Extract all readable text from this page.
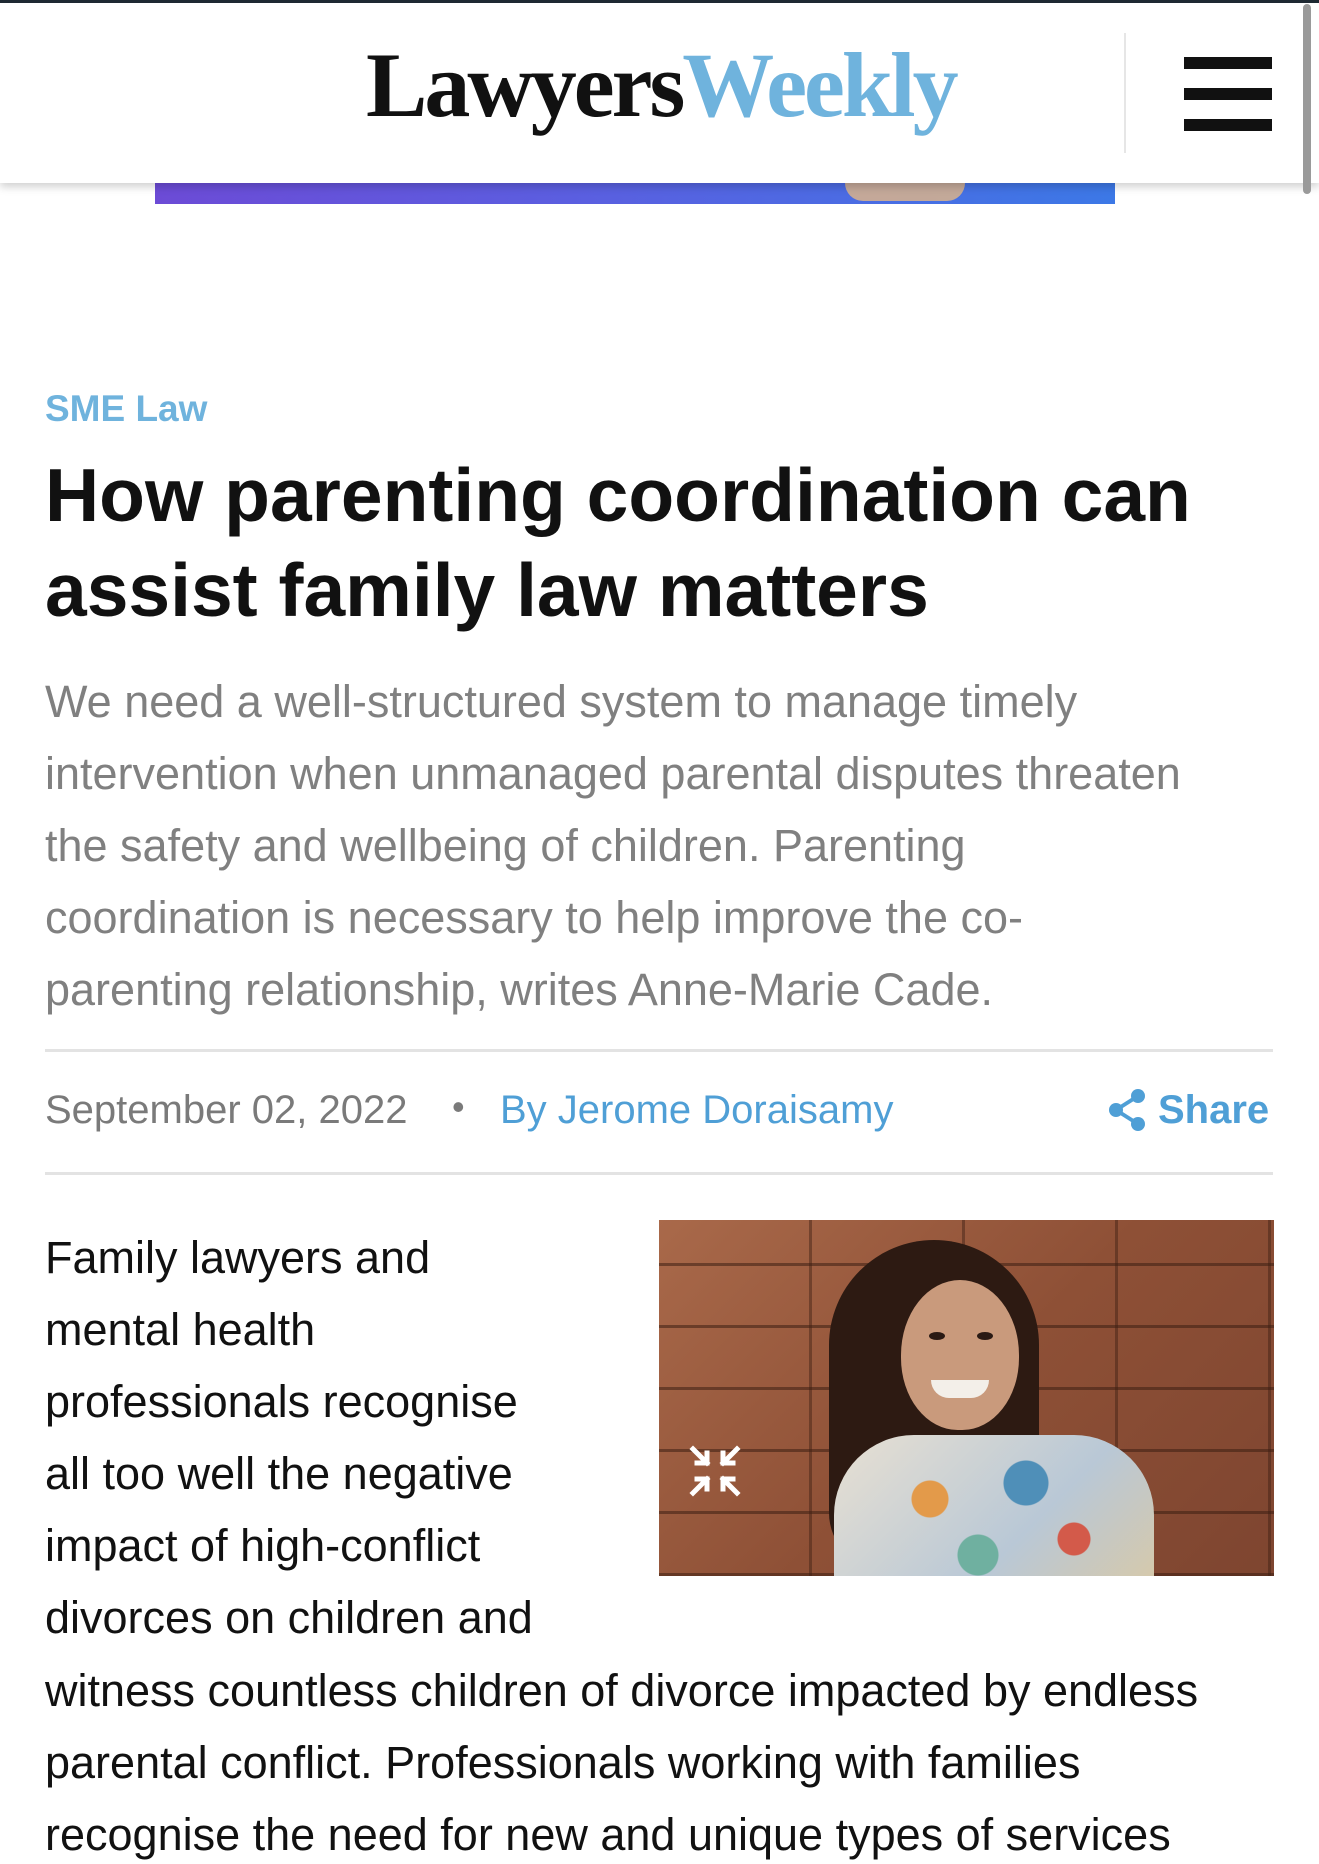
LawyersWeekly
SME Law
How parenting coordination can
assist family law matters
We need a well-structured system to manage timely
intervention when unmanaged parental disputes threaten
the safety and wellbeing of children. Parenting
coordination is necessary to help improve the co-
parenting relationship, writes Anne-Marie Cade.
September 02, 2022 • By Jerome Doraisamy	Share
Family lawyers and
mental health
professionals recognise
all too well the negative
impact of high-conflict
divorces on children and
witness countless children of divorce impacted by endless
parental conflict. Professionals working with families
recognise the need for new and unique types of services
